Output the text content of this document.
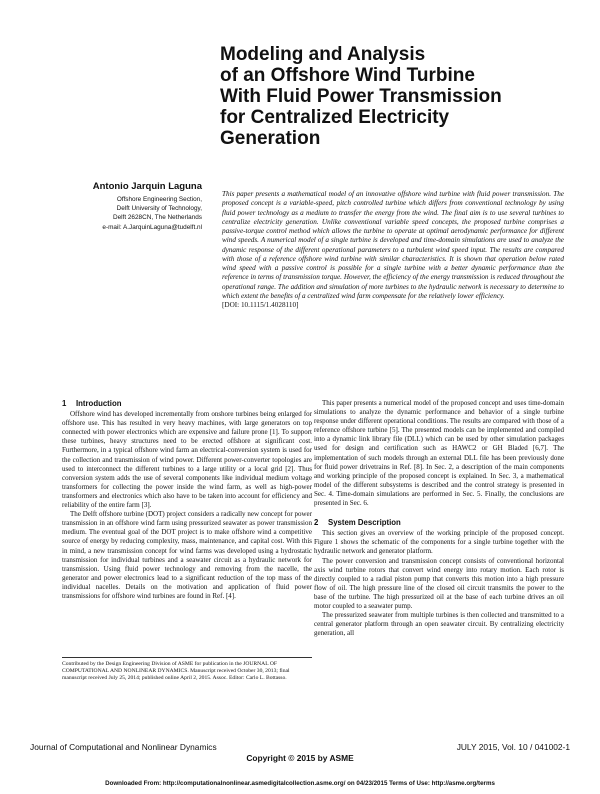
Modeling and Analysis
of an Offshore Wind Turbine
With Fluid Power Transmission
for Centralized Electricity
Generation
Antonio Jarquin Laguna
Offshore Engineering Section,
Delft University of Technology,
Delft 2628CN, The Netherlands
e-mail: A.JarquinLaguna@tudelft.nl
This paper presents a mathematical model of an innovative offshore wind turbine with fluid power transmission. The proposed concept is a variable-speed, pitch controlled turbine which differs from conventional technology by using fluid power technology as a medium to transfer the energy from the wind. The final aim is to use several turbines to centralize electricity generation. Unlike conventional variable speed concepts, the proposed turbine comprises a passive-torque control method which allows the turbine to operate at optimal aerodynamic performance for different wind speeds. A numerical model of a single turbine is developed and time-domain simulations are used to analyze the dynamic response of the different operational parameters to a turbulent wind speed input. The results are compared with those of a reference offshore wind turbine with similar characteristics. It is shown that operation below rated wind speed with a passive control is possible for a single turbine with a better dynamic performance than the reference in terms of transmission torque. However, the efficiency of the energy transmission is reduced throughout the operational range. The addition and simulation of more turbines to the hydraulic network is necessary to determine to which extent the benefits of a centralized wind farm compensate for the relatively lower efficiency.
[DOI: 10.1115/1.4028110]
1 Introduction

Offshore wind has developed incrementally from onshore turbines being enlarged for offshore use. This has resulted in very heavy machines, with large generators on top connected with power electronics which are expensive and failure prone [1]. To support these turbines, heavy structures need to be erected offshore at significant cost. Furthermore, in a typical offshore wind farm an electrical-conversion system is used for the collection and transmission of wind power. Different power-converter topologies are used to interconnect the different turbines to a large utility or a local grid [2]. Thus conversion system adds the use of several components like individual medium voltage transformers for collecting the power inside the wind farm, as well as high-power transformers and electronics which also have to be taken into account for efficiency and reliability of the entire farm [3].

The Delft offshore turbine (DOT) project considers a radically new concept for power transmission in an offshore wind farm using pressurized seawater as power transmission medium. The eventual goal of the DOT project is to make offshore wind a competitive source of energy by reducing complexity, mass, maintenance, and capital cost. With this in mind, a new transmission concept for wind farms was developed using a hydrostatic transmission for individual turbines and a seawater circuit as a hydraulic network for transmission. Using fluid power technology and removing from the nacelle, the generator and power electronics lead to a significant reduction of the top mass of the individual nacelles. Details on the motivation and application of fluid power transmissions for offshore wind turbines are found in Ref. [4].

Contributed by the Design Engineering Division of ASME for publication in the JOURNAL OF COMPUTATIONAL AND NONLINEAR DYNAMICS. Manuscript received October 30, 2013; final manuscript received July 25, 2014; published online April 2, 2015. Assoc. Editor: Carlo L. Bottasso.

This paper presents a numerical model of the proposed concept and uses time-domain simulations to analyze the dynamic performance and behavior of a single turbine response under different operational conditions. The results are compared with those of a reference offshore turbine [5]. The presented models can be implemented and compiled into a dynamic link library file (DLL) which can be used by other simulation packages used for design and certification such as HAWC2 or GH Bladed [6,7]. The implementation of such models through an external DLL file has been previously done for fluid power drivetrains in Ref. [8]. In Sec. 2, a description of the main components and working principle of the proposed concept is explained. In Sec. 3, a mathematical model of the different subsystems is described and the control strategy is presented in Sec. 4. Time-domain simulations are performed in Sec. 5. Finally, the conclusions are presented in Sec. 6.

2 System Description

This section gives an overview of the working principle of the proposed concept. Figure 1 shows the schematic of the components for a single turbine together with the hydraulic network and generator platform.

The power conversion and transmission concept consists of conventional horizontal axis wind turbine rotors that convert wind energy into rotary motion. Each rotor is directly coupled to a radial piston pump that converts this motion into a high pressure flow of oil. The high pressure line of the closed oil circuit transmits the power to the base of the turbine. The high pressurized oil at the base of each turbine drives an oil motor coupled to a seawater pump.

The pressurized seawater from multiple turbines is then collected and transmitted to a central generator platform through an open seawater circuit. By centralizing electricity generation, all

Journal of Computational and Nonlinear Dynamics	JULY 2015, Vol. 10 / 041002-1
Copyright © 2015 by ASME
Downloaded From: http://computationalnonlinear.asmedigitalcollection.asme.org/ on 04/23/2015 Terms of Use: http://asme.org/terms
